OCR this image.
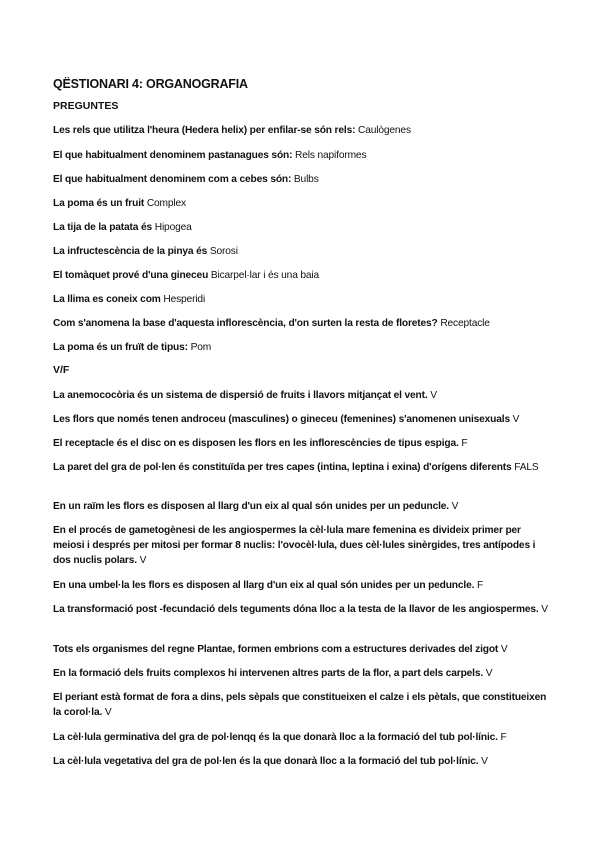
QËSTIONARI 4: ORGANOGRAFIA
PREGUNTES
Les rels que utilitza l'heura (Hedera helix) per enfilar-se són rels: Caulògenes
El que habitualment denominem pastanagues són: Rels napiformes
El que habitualment denominem com a cebes són: Bulbs
La poma és un fruit Complex
La tija de la patata és Hipogea
La infructescència de la pinya és Sorosi
El tomàquet prové d'una gineceu Bicarpel·lar i és una baia
La llima es coneix com Hesperidi
Com s'anomena la base d'aquesta inflorescència, d'on surten la resta de floretes? Receptacle
La poma és un fruït de tipus: Pom
V/F
La anemococòria és un sistema de dispersió de fruits i llavors mitjançat el vent. V
Les flors que només tenen androceu (masculines) o gineceu (femenines) s'anomenen unisexuals V
El receptacle és el disc on es disposen les flors en les inflorescències de tipus espiga. F
La paret del gra de pol·len és constituïda per tres capes (intina, leptina i exina) d'orígens diferents FALS
En un raïm les flors es disposen al llarg d'un eix al qual són unides per un peduncle. V
En el procés de gametogènesi de les angiospermes la cèl·lula mare femenina es divideix primer per meiosi i després per mitosi per formar 8 nuclis: l'ovocèl·lula, dues cèl·lules sinèrgides, tres antípodes i dos nuclis polars. V
En una umbel·la les flors es disposen al llarg d'un eix al qual són unides per un peduncle. F
La transformació post -fecundació dels teguments dóna lloc a la testa de la llavor de les angiospermes. V
Tots els organismes del regne Plantae, formen embrions com a estructures derivades del zigot V
En la formació dels fruits complexos hi intervenen altres parts de la flor, a part dels carpels. V
El periant està format de fora a dins, pels sèpals que constitueixen el calze i els pètals, que constitueixen la corol·la. V
La cèl·lula germinativa del gra de pol·lenqq és la que donarà lloc a la formació del tub pol·línic. F
La cèl·lula vegetativa del gra de pol·len és la que donarà lloc a la formació del tub pol·línic. V
